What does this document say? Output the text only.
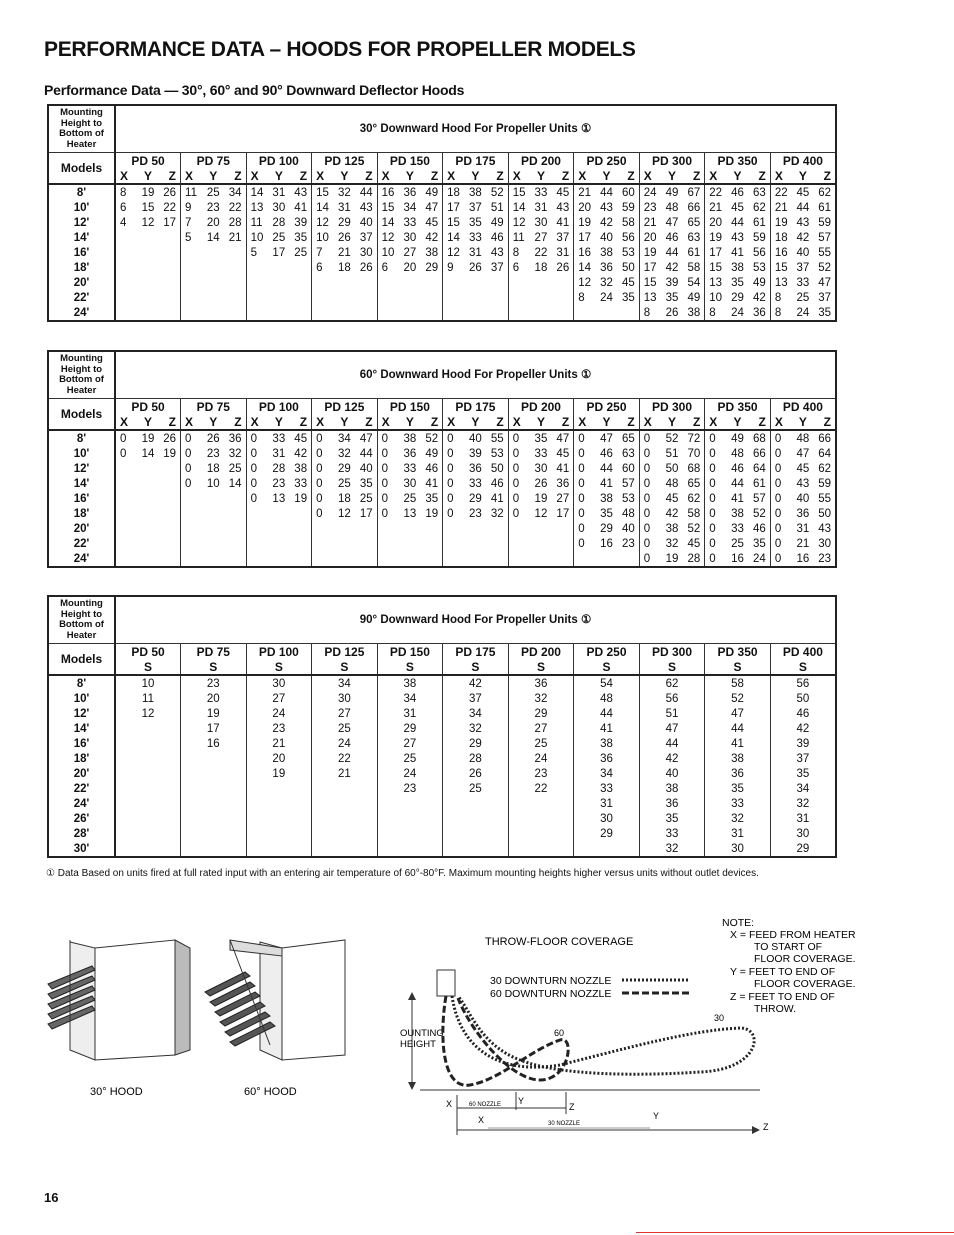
PERFORMANCE DATA – HOODS FOR PROPELLER MODELS
Performance Data — 30°, 60° and 90° Downward Deflector Hoods
Mounting Height to Bottom of Heater	30° Downward Hood For Propeller Units ①										
Models	PD 50	PD 75	PD 100	PD 125	PD 150	PD 175	PD 200	PD 250	PD 300	PD 350	PD 400

	X Y Z	X Y Z	X Y Z	X Y Z	X Y Z	X Y Z	X Y Z	X Y Z	X Y Z	X Y Z	X Y Z

8'	8 19 26	11 25 34	14 31 43	15 32 44	16 36 49	18 38 52	15 33 45	21 44 60	24 49 67	22 46 63	22 45 62

10'	6 15 22	9 23 22	13 30 41	14 31 43	15 34 47	17 37 51	14 31 43	20 43 59	23 48 66	21 45 62	21 44 61

12'	4 12 17	7 20 28	11 28 39	12 29 40	14 33 45	15 35 49	12 30 41	19 42 58	21 47 65	20 44 61	19 43 59

14'		5 14 21	10 25 35	10 26 37	12 30 42	14 33 46	11 27 37	17 40 56	20 46 63	19 43 59	18 42 57

16'			5 17 25	7 21 30	10 27 38	12 31 43	8 22 31	16 38 53	19 44 61	17 41 56	16 40 55

18'				6 18 26	6 20 29	9 26 37	6 18 26	14 36 50	17 42 58	15 38 53	15 37 52

20'								12 32 45	15 39 54	13 35 49	13 33 47

22'								8 24 35	13 35 49	10 29 42	8 25 37

24'									8 26 38	8 24 36	8 24 35
Mounting Height to Bottom of Heater	60° Downward Hood For Propeller Units ①										
Models	PD 50	PD 75	PD 100	PD 125	PD 150	PD 175	PD 200	PD 250	PD 300	PD 350	PD 400

	X Y Z	X Y Z	X Y Z	X Y Z	X Y Z	X Y Z	X Y Z	X Y Z	X Y Z	X Y Z	X Y Z

8'	0 19 26	0 26 36	0 33 45	0 34 47	0 38 52	0 40 55	0 35 47	0 47 65	0 52 72	0 49 68	0 48 66

10'	0 14 19	0 23 32	0 31 42	0 32 44	0 36 49	0 39 53	0 33 45	0 46 63	0 51 70	0 48 66	0 47 64

12'		0 18 25	0 28 38	0 29 40	0 33 46	0 36 50	0 30 41	0 44 60	0 50 68	0 46 64	0 45 62

14'		0 10 14	0 23 33	0 25 35	0 30 41	0 33 46	0 26 36	0 41 57	0 48 65	0 44 61	0 43 59

16'			0 13 19	0 18 25	0 25 35	0 29 41	0 19 27	0 38 53	0 45 62	0 41 57	0 40 55

18'				0 12 17	0 13 19	0 23 32	0 12 17	0 35 48	0 42 58	0 38 52	0 36 50

20'								0 29 40	0 38 52	0 33 46	0 31 43

22'								0 16 23	0 32 45	0 25 35	0 21 30

24'									0 19 28	0 16 24	0 16 23
Mounting Height to Bottom of Heater	90° Downward Hood For Propeller Units ①										
Models	PD 50	PD 75	PD 100	PD 125	PD 150	PD 175	PD 200	PD 250	PD 300	PD 350	PD 400
	S	S	S	S	S	S	S	S	S	S	S
8'	10	23	30	34	38	42	36	54	62	58	56
10'	11	20	27	30	34	37	32	48	56	52	50
12'	12	19	24	27	31	34	29	44	51	47	46
14'		17	23	25	29	32	27	41	47	44	42
16'		16	21	24	27	29	25	38	44	41	39
18'			20	22	25	28	24	36	42	38	37
20'			19	21	24	26	23	34	40	36	35
22'					23	25	22	33	38	35	34
24'								31	36	33	32
26'								30	35	32	31
28'								29	33	31	30
30'									32	30	29
① Data Based on units fired at full rated input with an entering air temperature of 60°-80°F. Maximum mounting heights higher versus units without outlet devices.
30° HOOD	60° HOOD
THROW-FLOOR COVERAGE
30 DOWNTURN NOZZLE
60 DOWNTURN NOZZLE
OUNTING
HEIGHT
60
30
X	Y
Z
60 NOZZLE
X	Y
Z
30 NOZZLE
NOTE:
X = FEED FROM HEATER
TO START OF
FLOOR COVERAGE.
Y = FEET TO END OF
FLOOR COVERAGE.
Z = FEET TO END OF
THROW.
16
